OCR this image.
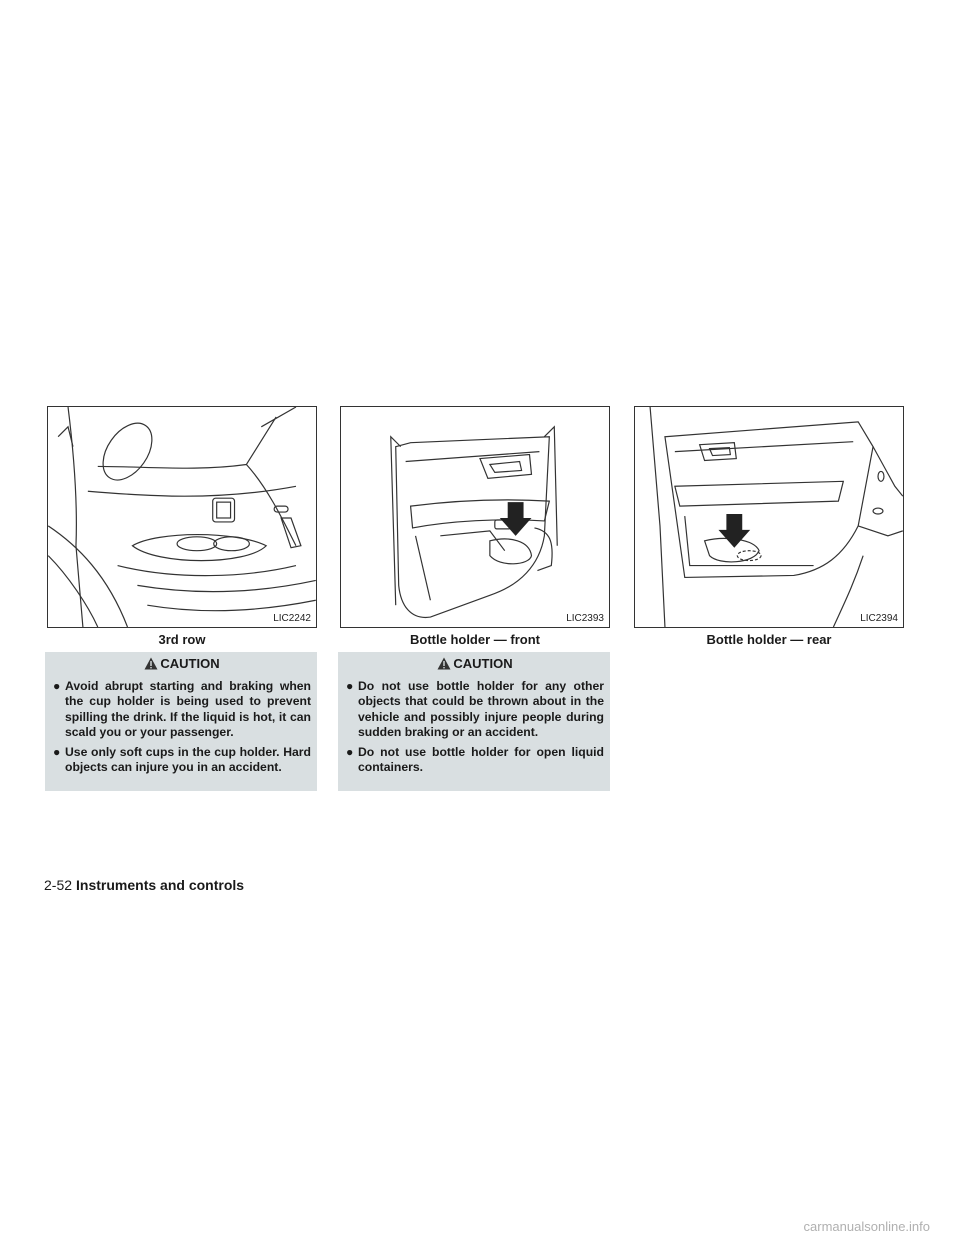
LIC2242
3rd row
LIC2393
Bottle holder — front
LIC2394
Bottle holder — rear
CAUTION
● Avoid abrupt starting and braking when the cup holder is being used to prevent spilling the drink. If the liquid is hot, it can scald you or your passenger.
● Use only soft cups in the cup holder. Hard objects can injure you in an accident.
CAUTION
● Do not use bottle holder for any other objects that could be thrown about in the vehicle and possibly injure people during sudden braking or an accident.
● Do not use bottle holder for open liquid containers.
2-52 Instruments and controls
carmanualsonline.info
